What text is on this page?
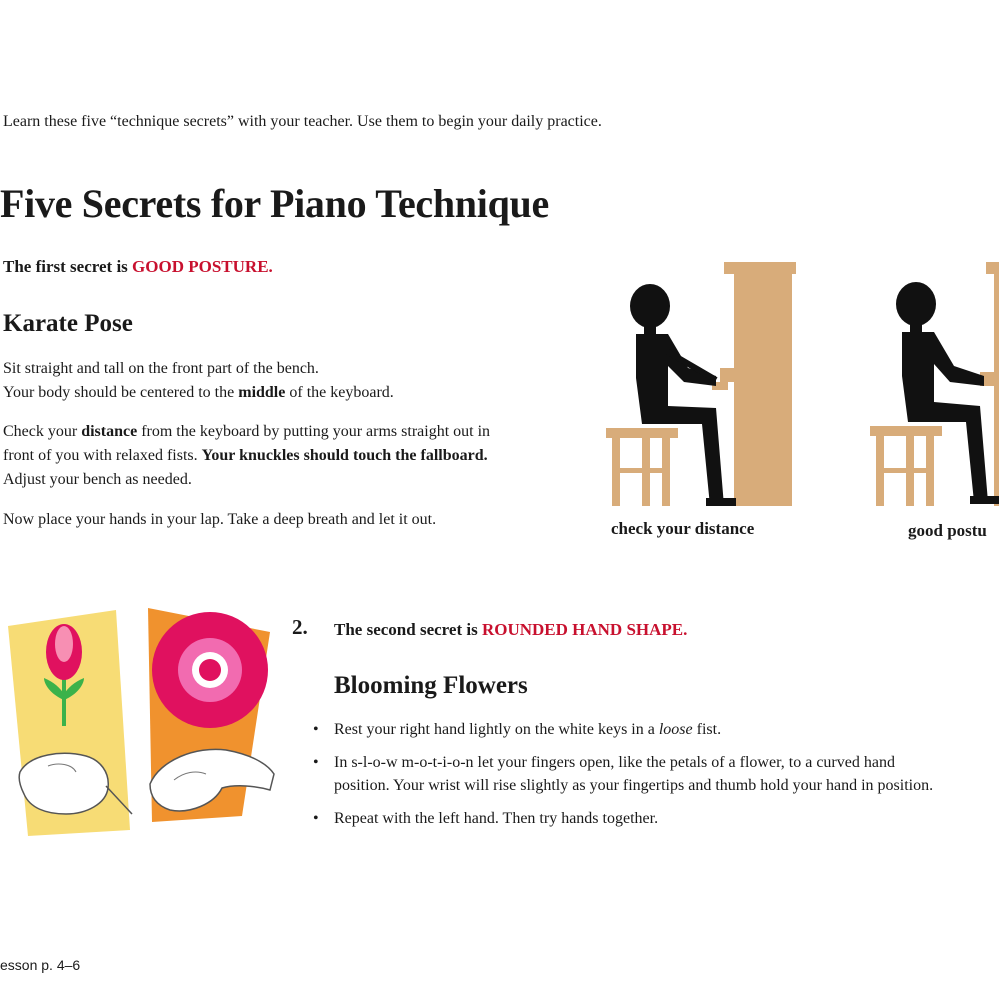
Learn these five “technique secrets” with your teacher. Use them to begin your daily practice.
Five Secrets for Piano Technique
The first secret is GOOD POSTURE.
Karate Pose
Sit straight and tall on the front part of the bench.
Your body should be centered to the middle of the keyboard.
Check your distance from the keyboard by putting your arms straight out in front of you with relaxed fists. Your knuckles should touch the fallboard. Adjust your bench as needed.
Now place your hands in your lap. Take a deep breath and let it out.	check your distance	good postu
2. The second secret is ROUNDED HAND SHAPE.
Blooming Flowers
• Rest your right hand lightly on the white keys in a loose fist.
• In s-l-o-w m-o-t-i-o-n let your fingers open, like the petals of a flower, to a curved hand position. Your wrist will rise slightly as your fingertips and thumb hold your hand in position.
• Repeat with the left hand. Then try hands together.
esson p. 4–6
